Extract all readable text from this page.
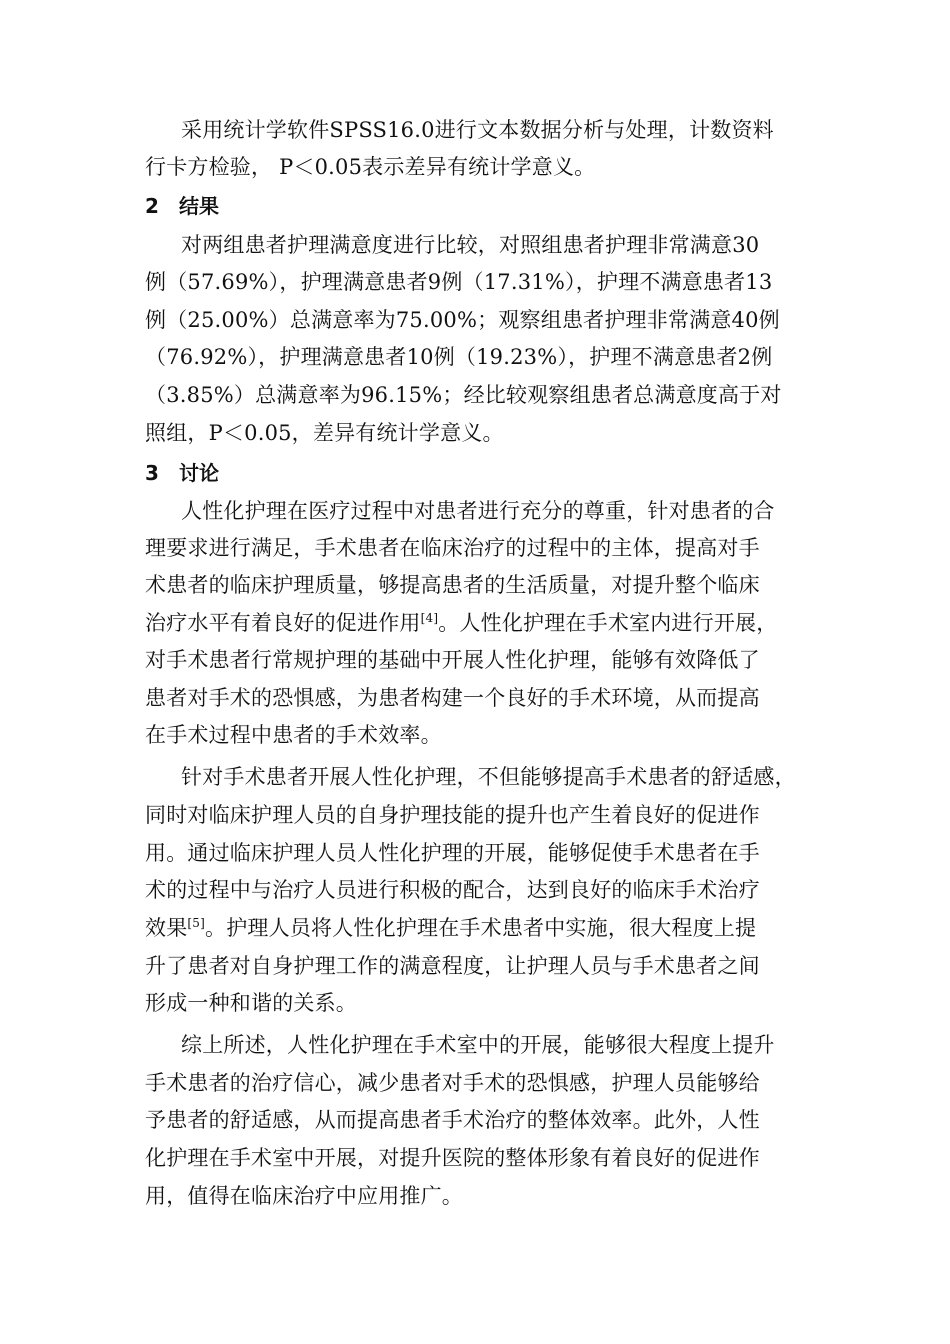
采用统计学软件SPSS16.0进行文本数据分析与处理，计数资料
行卡方检验， P＜0.05表示差异有统计学意义。
2 结果
对两组患者护理满意度进行比较，对照组患者护理非常满意30
例（57.69%），护理满意患者9例（17.31%），护理不满意患者13
例（25.00%）总满意率为75.00%；观察组患者护理非常满意40例
（76.92%），护理满意患者10例（19.23%），护理不满意患者2例
（3.85%）总满意率为96.15%；经比较观察组患者总满意度高于对
照组，P＜0.05，差异有统计学意义。
3 讨论
人性化护理在医疗过程中对患者进行充分的尊重，针对患者的合
理要求进行满足，手术患者在临床治疗的过程中的主体，提高对手
术患者的临床护理质量，够提高患者的生活质量，对提升整个临床
治疗水平有着良好的促进作用[4]。人性化护理在手术室内进行开展，
对手术患者行常规护理的基础中开展人性化护理，能够有效降低了
患者对手术的恐惧感，为患者构建一个良好的手术环境，从而提高
在手术过程中患者的手术效率。
针对手术患者开展人性化护理，不但能够提高手术患者的舒适感，
同时对临床护理人员的自身护理技能的提升也产生着良好的促进作
用。通过临床护理人员人性化护理的开展，能够促使手术患者在手
术的过程中与治疗人员进行积极的配合，达到良好的临床手术治疗
效果[5]。护理人员将人性化护理在手术患者中实施，很大程度上提
升了患者对自身护理工作的满意程度，让护理人员与手术患者之间
形成一种和谐的关系。
综上所述，人性化护理在手术室中的开展，能够很大程度上提升
手术患者的治疗信心，减少患者对手术的恐惧感，护理人员能够给
予患者的舒适感，从而提高患者手术治疗的整体效率。此外，人性
化护理在手术室中开展，对提升医院的整体形象有着良好的促进作
用，值得在临床治疗中应用推广。
